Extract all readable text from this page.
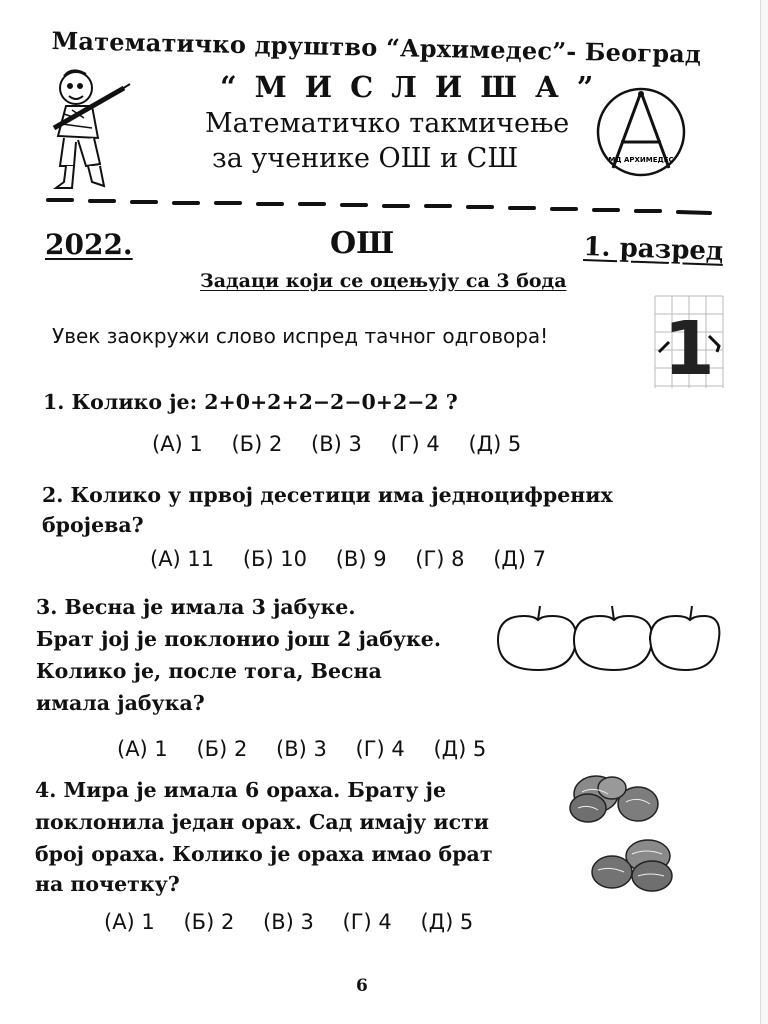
Математичко друштво “Архимедес”- Београд
“МИСЛИША”
Математичко такмичење
за ученике ОШ и СШ	МД АРХИМЕДЕС
2022.	ОШ	1. разред
Задаци који се оцењују са 3 бода
1
Увек заокружи слово испред тачног одговора!
1. Колико је: 2+0+2+2−2−0+2−2 ?
(А) 1 (Б) 2 (В) 3 (Г) 4 (Д) 5
2. Колико у првој десетици има једноцифрених
бројева?
(А) 11 (Б) 10 (В) 9 (Г) 8 (Д) 7
3. Весна је имала 3 јабуке.
Брат јој је поклонио још 2 јабуке.
Колико је, после тога, Весна
имала јабука?
(А) 1 (Б) 2 (В) 3 (Г) 4 (Д) 5
4. Мира је имала 6 ораха. Брату је
поклонила један орах. Сад имају исти
број ораха. Колико је ораха имао брат
на почетку?
(А) 1 (Б) 2 (В) 3 (Г) 4 (Д) 5
6
